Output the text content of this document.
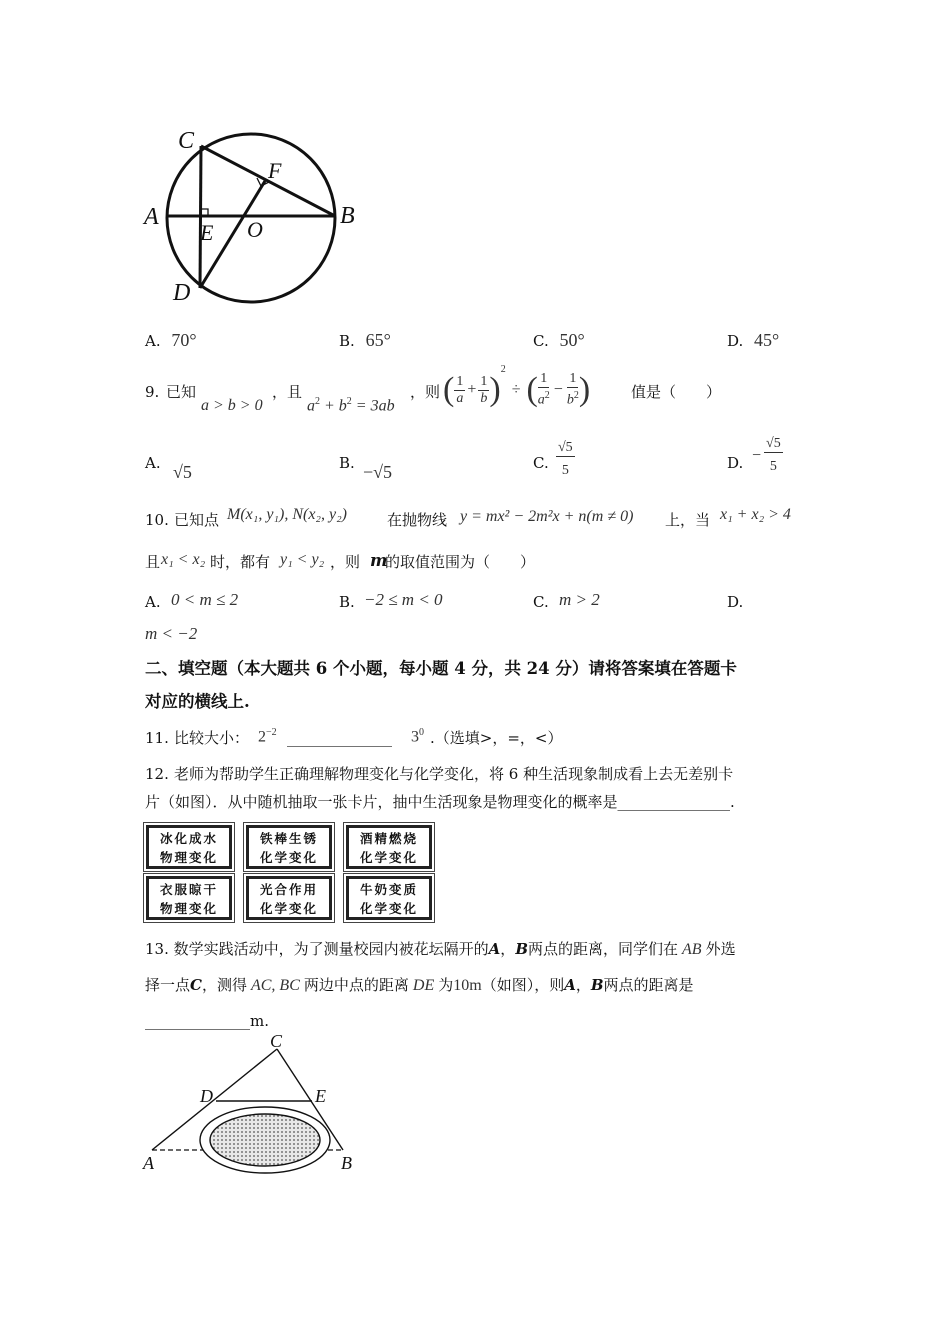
C
F
A
E O
B
D
A. 70°	B. 65°	C. 50°	D. 45°
9. 已知
a > b > 0
，且
$a^2 + b^2 = 3ab$
，则 ( $\frac{1}{a} + \frac{1}{b}$ )
$^2$
÷ ( $\frac{1}{a^2} - \frac{1}{b^2}$ )	值是（　　）
A. √5	B. −√5	C. $\frac{√5}{5}$	D. − $\frac{√5}{5}$
10. 已知点 M(x₁, y₁), N(x₂, y₂)	在抛物线 y = mx² − 2m²x + n(m ≠ 0) 上，当 x₁ + x₂ > 4
且 x₁ < x₂ 时，都有 y₁ < y₂ ，则 m
的取值范围为（　　）
A. 0 < m ≤ 2	B. −2 ≤ m < 0	C. m > 2	D.
m < −2
二、填空题（本大题共 6 个小题，每小题 4 分，共 24 分）请将答案填在答题卡
对应的横线上.
11. 比较大小： $2^{-2}$ ______________ $3^0$ .（选填>，=，<）
12. 老师为帮助学生正确理解物理变化与化学变化，将 6 种生活现象制成看上去无差别卡
片（如图）．从中随机抽取一张卡片，抽中生活现象是物理变化的概率是_______________.
冰化成水
物理变化
铁棒生锈
化学变化
酒精燃烧
化学变化
衣服晾干
物理变化
光合作用
化学变化
牛奶变质
化学变化
13. 数学实践活动中，为了测量校园内被花坛隔开的A，B两点的距离，同学们在 AB 外选
择一点C，测得 AC, BC 两边中点的距离 DE 为10m（如图），则A，B两点的距离是
______________m.
C
D	E
A	B
